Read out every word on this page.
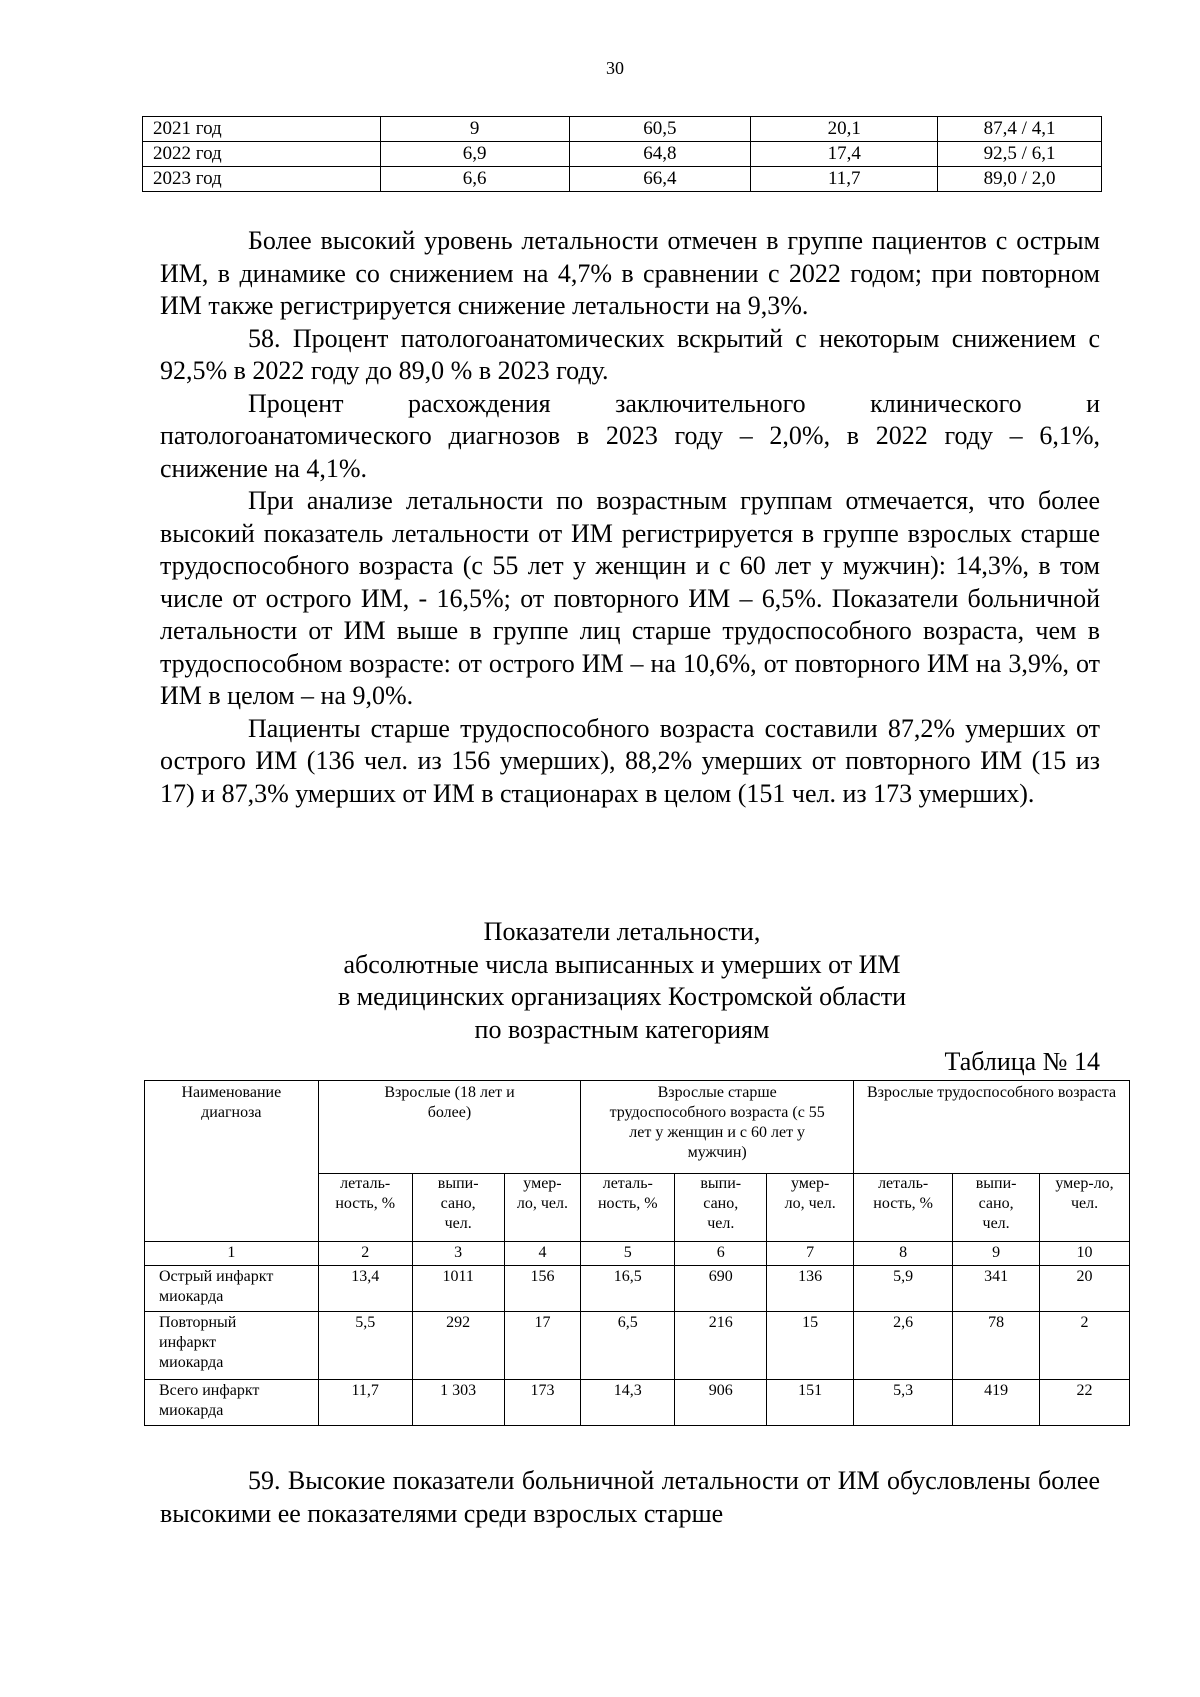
30
2021 год	9	60,5	20,1	87,4 / 4,1
2022 год	6,9	64,8	17,4	92,5 / 6,1
2023 год	6,6	66,4	11,7	89,0 / 2,0

Более высокий уровень летальности отмечен в группе пациентов с острым ИМ, в динамике со снижением на 4,7% в сравнении с 2022 годом; при повторном ИМ также регистрируется снижение летальности на 9,3%.

58. Процент патологоанатомических вскрытий с некоторым снижением с 92,5% в 2022 году до 89,0 % в 2023 году.

Процент расхождения заключительного клинического и патологоанатомического диагнозов в 2023 году – 2,0%, в 2022 году – 6,1%, снижение на 4,1%.

При анализе летальности по возрастным группам отмечается, что более высокий показатель летальности от ИМ регистрируется в группе взрослых старше трудоспособного возраста (с 55 лет у женщин и с 60 лет у мужчин): 14,3%, в том числе от острого ИМ, - 16,5%; от повторного ИМ – 6,5%. Показатели больничной летальности от ИМ выше в группе лиц старше трудоспособного возраста, чем в трудоспособном возрасте: от острого ИМ – на 10,6%, от повторного ИМ на 3,9%, от ИМ в целом – на 9,0%.

Пациенты старше трудоспособного возраста составили 87,2% умерших от острого ИМ (136 чел. из 156 умерших), 88,2% умерших от повторного ИМ (15 из 17) и 87,3% умерших от ИМ в стационарах в целом (151 чел. из 173 умерших).

Показатели летальности,
абсолютные числа выписанных и умерших от ИМ
в медицинских организациях Костромской области
по возрастным категориям
Таблица № 14
Наименование диагноза	Взрослые (18 лет и более)			Взрослые старше трудоспособного возраста (с 55 лет у женщин и с 60 лет у мужчин)			Взрослые трудоспособного возраста		
	леталь-ность, %	выпи-сано, чел.	умер-ло, чел.	леталь-ность, %	выпи-сано, чел.	умер-ло, чел.	леталь-ность, %	выпи-сано, чел.	умер-ло, чел.
1	2	3	4	5	6	7	8	9	10
Острый инфаркт миокарда	13,4	1011	156	16,5	690	136	5,9	341	20
Повторный инфаркт миокарда	5,5	292	17	6,5	216	15	2,6	78	2
Всего инфаркт миокарда	11,7	1 303	173	14,3	906	151	5,3	419	22

59. Высокие показатели больничной летальности от ИМ обусловлены более высокими ее показателями среди взрослых старше
